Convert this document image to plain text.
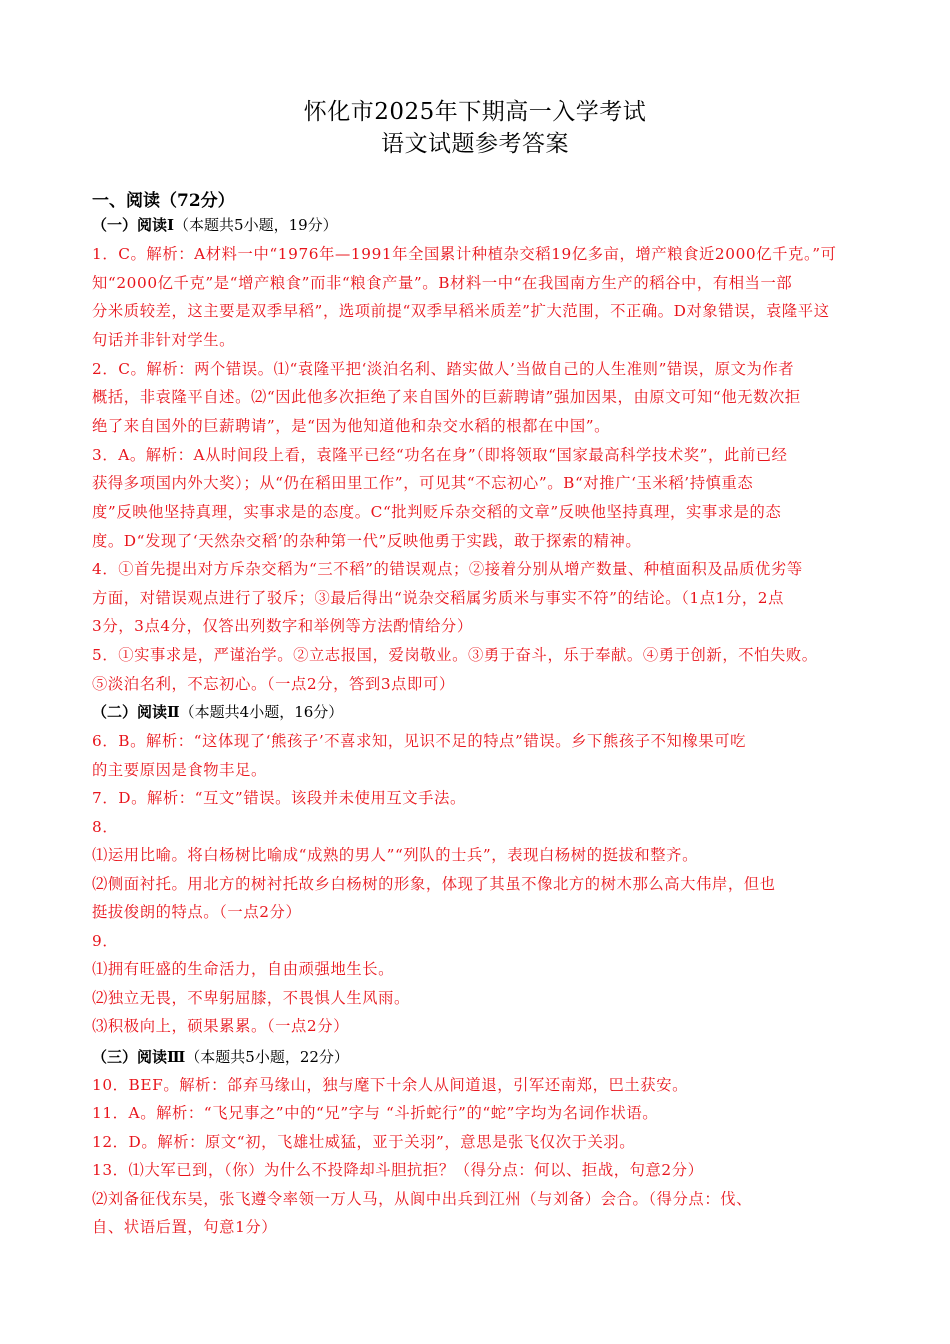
怀化市2025年下期高一入学考试
语文试题参考答案
一、阅读（72分）
（一）阅读Ⅰ（本题共5小题，19分）
1．C。解析：A材料一中“1976年—1991年全国累计种植杂交稻19亿多亩，增产粮食近2000亿千克。”可
知“2000亿千克”是“增产粮食”而非“粮食产量”。B材料一中“在我国南方生产的稻谷中，有相当一部
分米质较差，这主要是双季早稻”，选项前提“双季早稻米质差”扩大范围，不正确。D对象错误，袁隆平这
句话并非针对学生。
2．C。解析：两个错误。⑴“袁隆平把‘淡泊名利、踏实做人’当做自己的人生准则”错误，原文为作者
概括，非袁隆平自述。⑵“因此他多次拒绝了来自国外的巨薪聘请”强加因果，由原文可知“他无数次拒
绝了来自国外的巨薪聘请”，是“因为他知道他和杂交水稻的根都在中国”。
3．A。解析：A从时间段上看，袁隆平已经“功名在身”（即将领取“国家最高科学技术奖”，此前已经
获得多项国内外大奖）；从“仍在稻田里工作”，可见其“不忘初心”。B“对推广‘玉米稻’持慎重态
度”反映他坚持真理，实事求是的态度。C“批判贬斥杂交稻的文章”反映他坚持真理，实事求是的态
度。D“发现了‘天然杂交稻’的杂种第一代”反映他勇于实践，敢于探索的精神。
4．①首先提出对方斥杂交稻为“三不稻”的错误观点；②接着分别从增产数量、种植面积及品质优劣等
方面，对错误观点进行了驳斥；③最后得出“说杂交稻属劣质米与事实不符”的结论。（1点1分，2点
3分，3点4分，仅答出列数字和举例等方法酌情给分）
5．①实事求是，严谨治学。②立志报国，爱岗敬业。③勇于奋斗，乐于奉献。④勇于创新，不怕失败。
⑤淡泊名利，不忘初心。（一点2分，答到3点即可）
（二）阅读Ⅱ（本题共4小题，16分）
6．B。解析：“这体现了‘熊孩子’不喜求知，见识不足的特点”错误。乡下熊孩子不知橡果可吃
的主要原因是食物丰足。
7．D。解析：“互文”错误。该段并未使用互文手法。
8．
⑴运用比喻。将白杨树比喻成“成熟的男人”“列队的士兵”，表现白杨树的挺拔和整齐。
⑵侧面衬托。用北方的树衬托故乡白杨树的形象，体现了其虽不像北方的树木那么高大伟岸，但也
挺拔俊朗的特点。（一点2分）
9．
⑴拥有旺盛的生命活力，自由顽强地生长。
⑵独立无畏，不卑躬屈膝，不畏惧人生风雨。
⑶积极向上，硕果累累。（一点2分）
（三）阅读Ⅲ（本题共5小题，22分）
10．BEF。解析：郃弃马缘山，独与麾下十余人从间道退，引军还南郑，巴土获安。
11．A。解析：“飞兄事之”中的“兄”字与 “斗折蛇行”的“蛇”字均为名词作状语。
12．D。解析：原文“初，飞雄壮威猛，亚于关羽”，意思是张飞仅次于关羽。
13．⑴大军已到，（你）为什么不投降却斗胆抗拒？（得分点：何以、拒战，句意2分）
⑵刘备征伐东吴，张飞遵令率领一万人马，从阆中出兵到江州（与刘备）会合。（得分点：伐、
自、状语后置，句意1分）
